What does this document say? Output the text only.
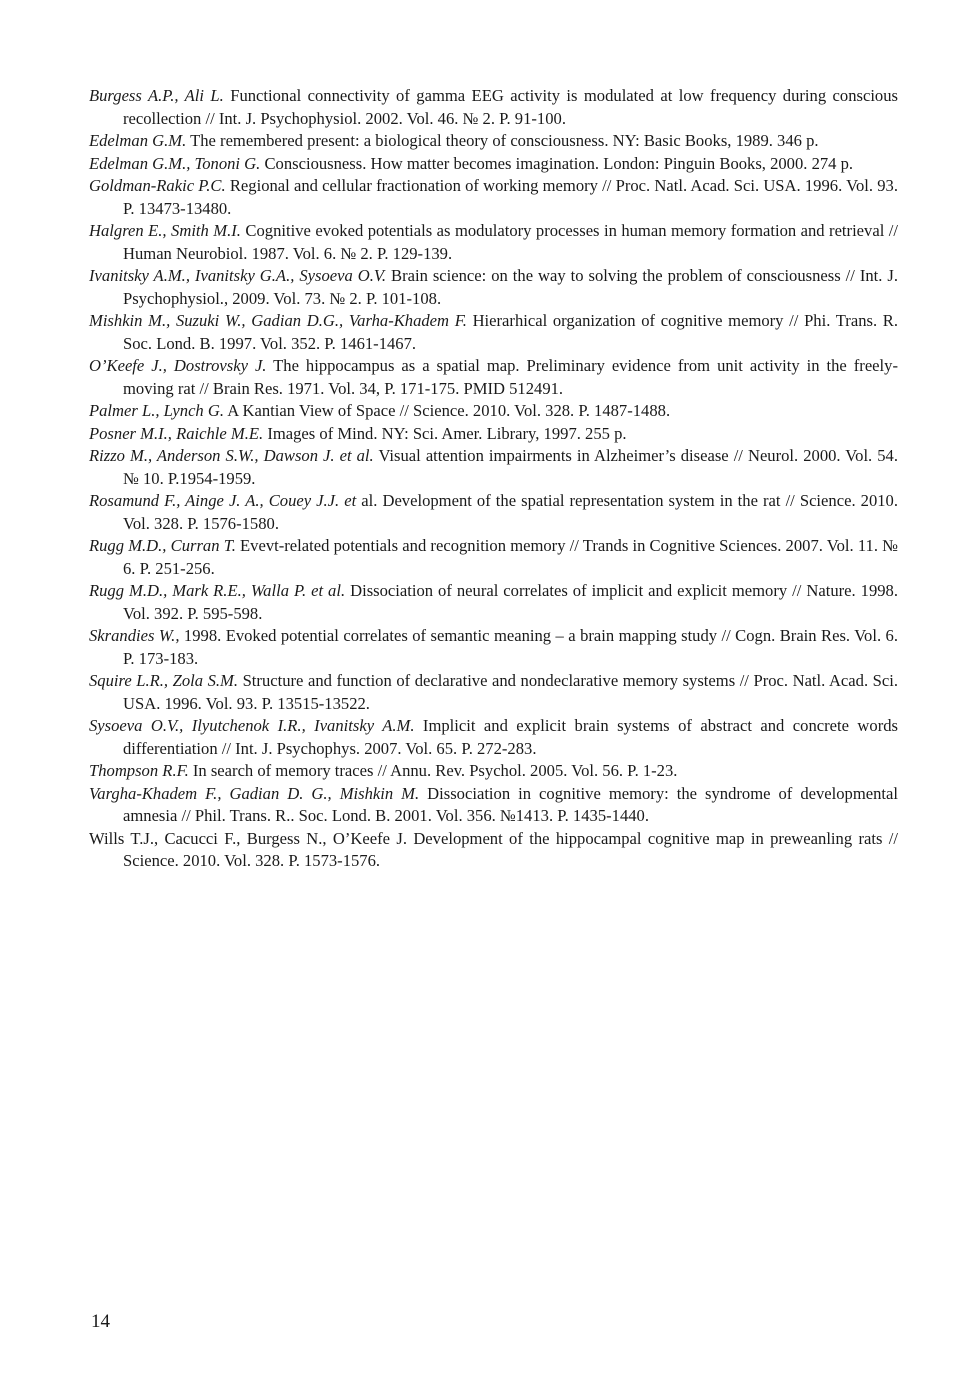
Burgess A.P., Ali L. Functional connectivity of gamma EEG activity is modulated at low frequency during conscious recollection // Int. J. Psychophysiol. 2002. Vol. 46. № 2. P. 91-100.
Edelman G.M. The remembered present: a biological theory of consciousness. NY: Basic Books, 1989. 346 p.
Edelman G.M., Tononi G. Consciousness. How matter becomes imagination. London: Pinguin Books, 2000. 274 p.
Goldman-Rakic P.C. Regional and cellular fractionation of working memory // Proc. Natl. Acad. Sci. USA. 1996. Vol. 93. P. 13473-13480.
Halgren E., Smith M.I. Cognitive evoked potentials as modulatory processes in human memory formation and retrieval // Human Neurobiol. 1987. Vol. 6. № 2. P. 129-139.
Ivanitsky A.M., Ivanitsky G.A., Sysoeva O.V. Brain science: on the way to solving the problem of consciousness // Int. J. Psychophysiol., 2009. Vol. 73. № 2. P. 101-108.
Mishkin M., Suzuki W., Gadian D.G., Varha-Khadem F. Hierarhical organization of cognitive memory // Phi. Trans. R. Soc. Lond. B. 1997. Vol. 352. P. 1461-1467.
O’Keefe J., Dostrovsky J. The hippocampus as a spatial map. Preliminary evidence from unit activity in the freely-moving rat // Brain Res. 1971. Vol. 34, P. 171-175. PMID 512491.
Palmer L., Lynch G. A Kantian View of Space // Science. 2010. Vol. 328. P. 1487-1488.
Posner M.I., Raichle M.E. Images of Mind. NY: Sci. Amer. Library, 1997. 255 p.
Rizzo M., Anderson S.W., Dawson J. et al. Visual attention impairments in Alzheimer’s disease // Neurol. 2000. Vol. 54. № 10. P.1954-1959.
Rosamund F., Ainge J. A., Couey J.J. et al. Development of the spatial representation system in the rat // Science. 2010. Vol. 328. P. 1576-1580.
Rugg M.D., Curran T. Evevt-related potentials and recognition memory // Trands in Cognitive Sciences. 2007. Vol. 11. № 6. P. 251-256.
Rugg M.D., Mark R.E., Walla P. et al. Dissociation of neural correlates of implicit and explicit memory // Nature. 1998. Vol. 392. P. 595-598.
Skrandies W., 1998. Evoked potential correlates of semantic meaning – a brain mapping study // Cogn. Brain Res. Vol. 6. P. 173-183.
Squire L.R., Zola S.M. Structure and function of declarative and nondeclarative memory systems // Proc. Natl. Acad. Sci. USA. 1996. Vol. 93. P. 13515-13522.
Sysoeva O.V., Ilyutchenok I.R., Ivanitsky A.M. Implicit and explicit brain systems of abstract and concrete words differentiation // Int. J. Psychophys. 2007. Vol. 65. P. 272-283.
Thompson R.F. In search of memory traces // Annu. Rev. Psychol. 2005. Vol. 56. P. 1-23.
Vargha-Khadem F., Gadian D. G., Mishkin M. Dissociation in cognitive memory: the syndrome of developmental amnesia // Phil. Trans. R.. Soc. Lond. B. 2001. Vol. 356. №1413. P. 1435-1440.
Wills T.J., Cacucci F., Burgess N., O’Keefe J. Development of the hippocampal cognitive map in preweanling rats // Science. 2010. Vol. 328. P. 1573-1576.

14
